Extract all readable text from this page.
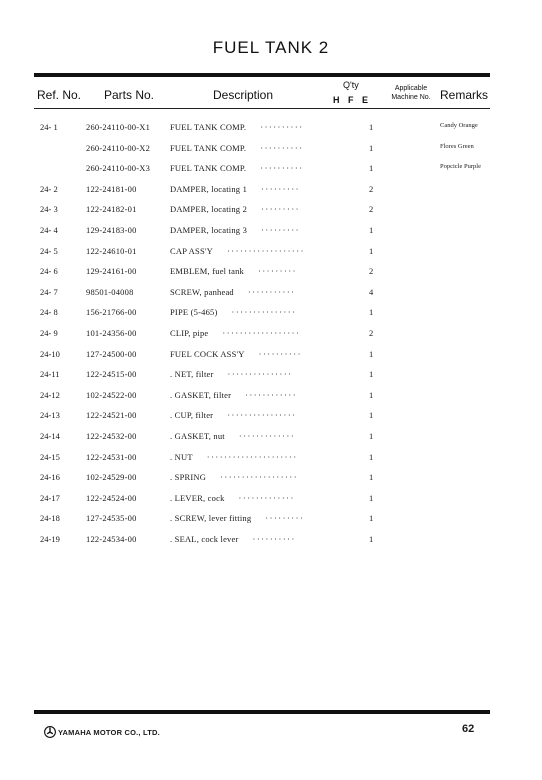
FUEL TANK 2
Ref. No. Parts No.	Description
Q'ty
H F E
Applicable Machine No. Remarks
24- 1	260-24110-00-X1 FUEL TANK COMP. ··········	1	Candy Orange
260-24110-00-X2 FUEL TANK COMP. ··········	1	Flores Green
260-24110-00-X3 FUEL TANK COMP. ··········	1	Popcicle Purple
24- 2	122-24181-00	DAMPER, locating 1 ·········	2
24- 3	122-24182-01	DAMPER, locating 2 ·········	2
24- 4	129-24183-00	DAMPER, locating 3 ·········	1
24- 5	122-24610-01	CAP ASS'Y ··················	1
24- 6	129-24161-00	EMBLEM, fuel tank ·········	2
24- 7	98501-04008	SCREW, panhead ···········	4
24- 8	156-21766-00	PIPE (5-465) ···············	1
24- 9	101-24356-00	CLIP, pipe ··················	2
24-10	127-24500-00	FUEL COCK ASS'Y ··········	1
24-11	122-24515-00	. NET, filter ···············	1
24-12	102-24522-00	. GASKET, filter ············	1
24-13	122-24521-00	. CUP, filter ················	1
24-14	122-24532-00	. GASKET, nut ·············	1
24-15	122-24531-00	. NUT ·····················	1
24-16	102-24529-00	. SPRING ··················	1
24-17	122-24524-00	. LEVER, cock ·············	1
24-18	127-24535-00	. SCREW, lever fitting ·········	1
24-19	122-24534-00	. SEAL, cock lever ··········	1
YAMAHA MOTOR CO., LTD.	62
